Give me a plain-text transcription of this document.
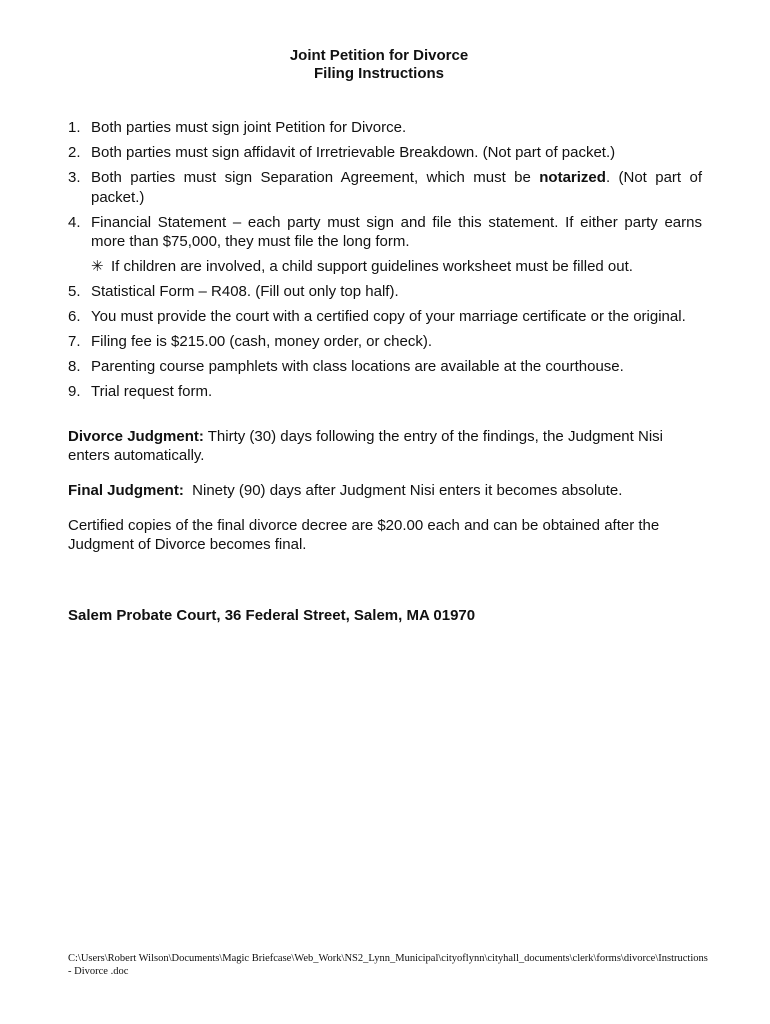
Joint Petition for Divorce
Filing Instructions
1. Both parties must sign joint Petition for Divorce.
2. Both parties must sign affidavit of Irretrievable Breakdown. (Not part of packet.)
3. Both parties must sign Separation Agreement, which must be notarized. (Not part of packet.)
4. Financial Statement – each party must sign and file this statement. If either party earns more than $75,000, they must file the long form.
✳ If children are involved, a child support guidelines worksheet must be filled out.
5. Statistical Form – R408. (Fill out only top half).
6. You must provide the court with a certified copy of your marriage certificate or the original.
7. Filing fee is $215.00 (cash, money order, or check).
8. Parenting course pamphlets with class locations are available at the courthouse.
9. Trial request form.
Divorce Judgment: Thirty (30) days following the entry of the findings, the Judgment Nisi enters automatically.
Final Judgment:  Ninety (90) days after Judgment Nisi enters it becomes absolute.
Certified copies of the final divorce decree are $20.00 each and can be obtained after the Judgment of Divorce becomes final.
Salem Probate Court, 36 Federal Street, Salem, MA 01970
C:\Users\Robert Wilson\Documents\Magic Briefcase\Web_Work\NS2_Lynn_Municipal\cityoflynn\cityhall_documents\clerk\forms\divorce\Instructions - Divorce .doc
